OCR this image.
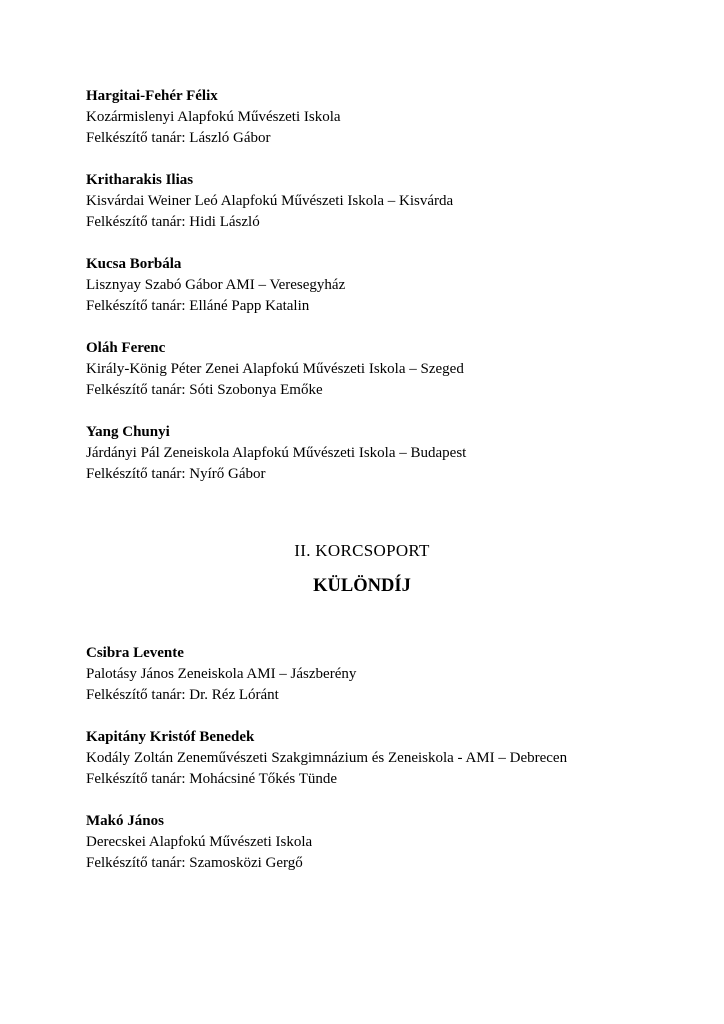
Hargitai-Fehér Félix
Kozármislenyi Alapfokú Művészeti Iskola
Felkészítő tanár: László Gábor
Kritharakis Ilias
Kisvárdai Weiner Leó Alapfokú Művészeti Iskola – Kisvárda
Felkészítő tanár: Hidi László
Kucsa Borbála
Lisznyay Szabó Gábor AMI – Veresegyház
Felkészítő tanár: Elláné Papp Katalin
Oláh Ferenc
Király-König Péter Zenei Alapfokú Művészeti Iskola – Szeged
Felkészítő tanár: Sóti Szobonya Emőke
Yang Chunyi
Járdányi Pál Zeneiskola Alapfokú Művészeti Iskola – Budapest
Felkészítő tanár: Nyírő Gábor
II. KORCSOPORT
KÜLÖNDÍJ
Csibra Levente
Palotásy János Zeneiskola AMI – Jászberény
Felkészítő tanár: Dr. Réz Lóránt
Kapitány Kristóf Benedek
Kodály Zoltán Zeneművészeti Szakgimnázium és Zeneiskola - AMI – Debrecen
Felkészítő tanár: Mohácsiné Tőkés Tünde
Makó János
Derecskei Alapfokú Művészeti Iskola
Felkészítő tanár: Szamosközi Gergő
